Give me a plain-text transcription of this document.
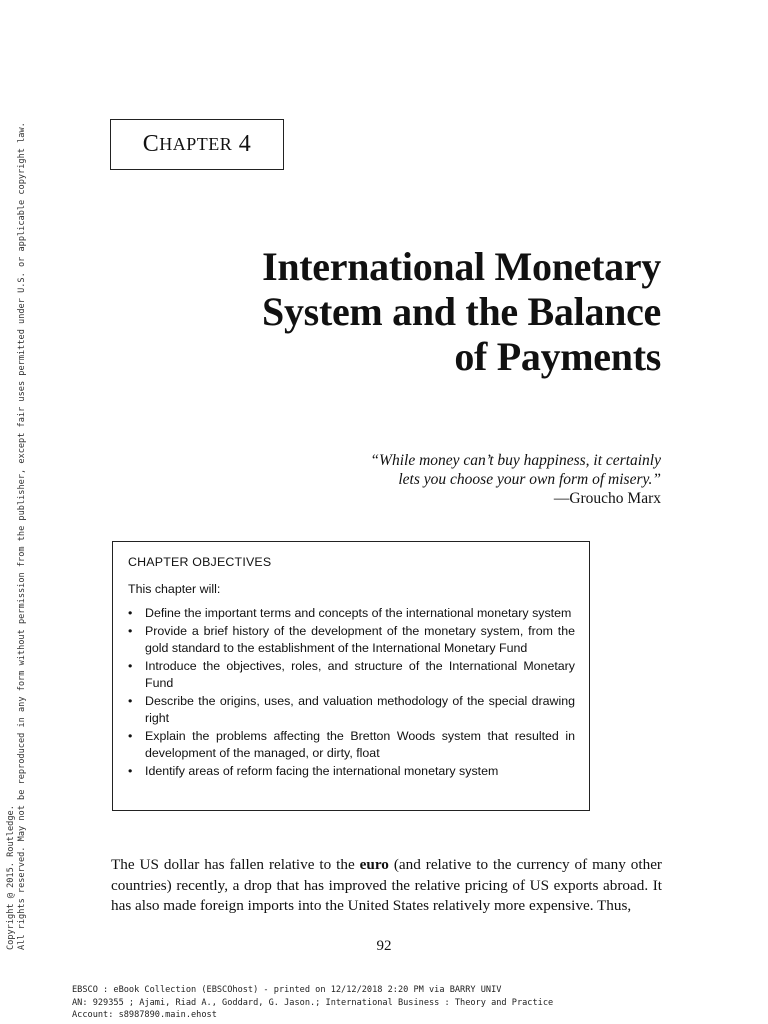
Copyright @ 2015. Routledge. All rights reserved. May not be reproduced in any form without permission from the publisher, except fair uses permitted under U.S. or applicable copyright law.	C HAPTER
4
International Monetary
System and the Balance
of Payments
“While money can’t buy happiness, it certainly
lets you choose your own form of misery.”
—Groucho Marx
CHAPTER OBJECTIVES
This chapter will:
• Define the important terms and concepts of the international monetary system
• Provide a brief history of the development of the monetary system, from the gold standard to the establishment of the International Monetary Fund
• Introduce the objectives, roles, and structure of the International Monetary Fund
• Describe the origins, uses, and valuation methodology of the special drawing right
• Explain the problems affecting the Bretton Woods system that resulted in development of the managed, or dirty, float
• Identify areas of reform facing the international monetary system
The US dollar has fallen relative to the euro (and relative to the currency of many other countries) recently, a drop that has improved the relative pricing of US exports abroad. It has also made foreign imports into the United States relatively more expensive. Thus,
92
EBSCO : eBook Collection (EBSCOhost) - printed on 12/12/2018 2:20 PM via BARRY UNIV
AN: 929355 ; Ajami, Riad A., Goddard, G. Jason.; International Business : Theory and Practice
Account: s8987890.main.ehost
